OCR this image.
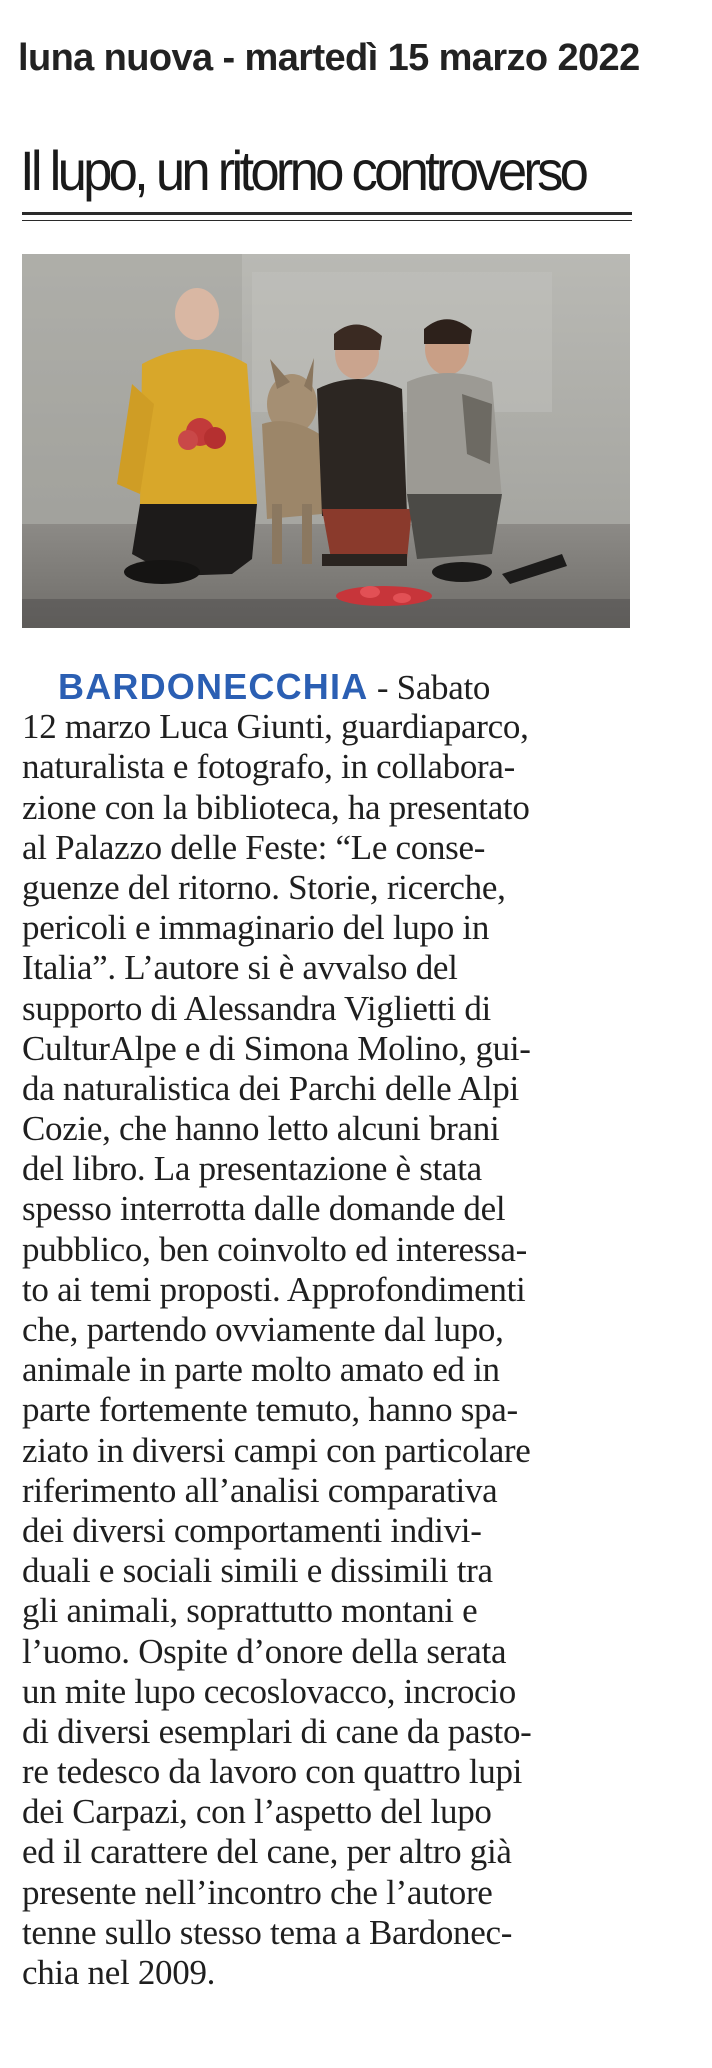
luna nuova - martedì 15 marzo 2022
Il lupo, un ritorno controverso
BARDONECCHIA - Sabato
12 marzo Luca Giunti, guardiaparco,
naturalista e fotografo, in collabora-
zione con la biblioteca, ha presentato
al Palazzo delle Feste: “Le conse-
guenze del ritorno. Storie, ricerche,
pericoli e immaginario del lupo in
Italia”. L’autore si è avvalso del
supporto di Alessandra Viglietti di
CulturAlpe e di Simona Molino, gui-
da naturalistica dei Parchi delle Alpi
Cozie, che hanno letto alcuni brani
del libro. La presentazione è stata
spesso interrotta dalle domande del
pubblico, ben coinvolto ed interessa-
to ai temi proposti. Approfondimenti
che, partendo ovviamente dal lupo,
animale in parte molto amato ed in
parte fortemente temuto, hanno spa-
ziato in diversi campi con particolare
riferimento all’analisi comparativa
dei diversi comportamenti indivi-
duali e sociali simili e dissimili tra
gli animali, soprattutto montani e
l’uomo. Ospite d’onore della serata
un mite lupo cecoslovacco, incrocio
di diversi esemplari di cane da pasto-
re tedesco da lavoro con quattro lupi
dei Carpazi, con l’aspetto del lupo
ed il carattere del cane, per altro già
presente nell’incontro che l’autore
tenne sullo stesso tema a Bardonec-
chia nel 2009.
